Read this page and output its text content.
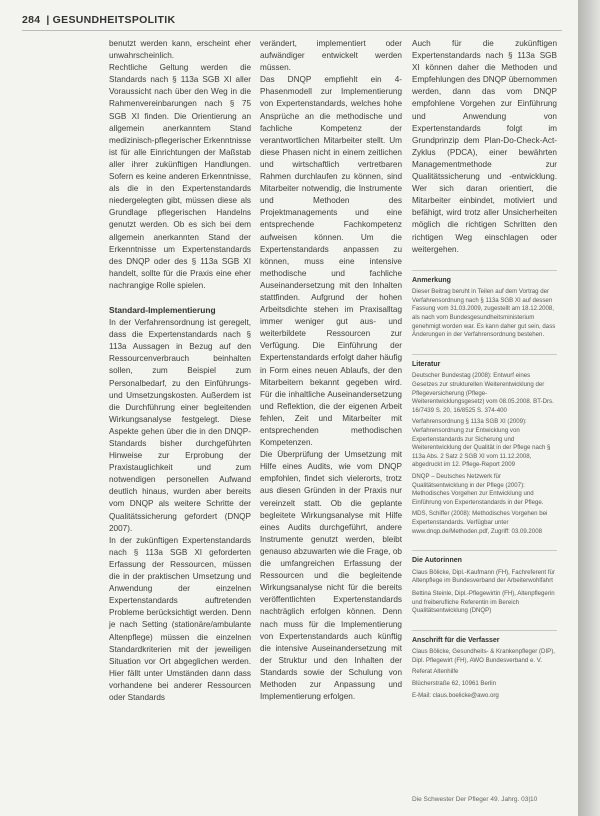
284 | GESUNDHEITSPOLITIK

benutzt werden kann, erscheint eher unwahrscheinlich.

Rechtliche Geltung werden die Standards nach § 113a SGB XI aller Voraussicht nach über den Weg in die Rahmenvereinbarungen nach § 75 SGB XI finden. Die Orientierung an allgemein anerkanntem Stand medizinisch-pflegerischer Erkenntnisse ist für alle Einrichtungen der Maßstab aller ihrer zukünftigen Handlungen. Sofern es keine anderen Erkenntnisse, als die in den Expertenstandards niedergelegten gibt, müssen diese als Grundlage pflegerischen Handelns genutzt werden. Ob es sich bei dem allgemein anerkannten Stand der Erkenntnisse um Expertenstandards des DNQP oder des § 113a SGB XI handelt, sollte für die Praxis eine eher nachrangige Rolle spielen.

Standard-Implementierung

In der Verfahrensordnung ist geregelt, dass die Expertenstandards nach § 113a Aussagen in Bezug auf den Ressourcenverbrauch beinhalten sollen, zum Beispiel zum Personalbedarf, zu den Einführungs- und Umsetzungskosten. Außerdem ist die Durchführung einer begleitenden Wirkungsanalyse festgelegt. Diese Aspekte gehen über die in den DNQP-Standards bisher durchgeführten Hinweise zur Erprobung der Praxistauglichkeit und zum notwendigen personellen Aufwand deutlich hinaus, wurden aber bereits vom DNQP als weitere Schritte der Qualitätssicherung gefordert (DNQP 2007).

In der zukünftigen Expertenstandards nach § 113a SGB XI geforderten Erfassung der Ressourcen, müssen die in der praktischen Umsetzung und Anwendung der einzelnen Expertenstandards auftretenden Probleme berücksichtigt werden. Denn je nach Setting (stationäre/ambulante Altenpflege) müssen die einzelnen Standardkriterien mit der jeweiligen Situation vor Ort abgeglichen werden. Hier fällt unter Umständen dann dass vorhandene bei anderer Ressourcen oder Standards

verändert, implementiert oder aufwändiger entwickelt werden müssen.

Das DNQP empfiehlt ein 4-Phasenmodell zur Implementierung von Expertenstandards, welches hohe Ansprüche an die methodische und fachliche Kompetenz der verantwortlichen Mitarbeiter stellt. Um diese Phasen nicht in einem zeitlichen und wirtschaftlich vertretbaren Rahmen durchlaufen zu können, sind Mitarbeiter notwendig, die Instrumente und Methoden des Projektmanagements und eine entsprechende Fachkompetenz aufweisen können. Um die Expertenstandards anpassen zu können, muss eine intensive methodische und fachliche Auseinandersetzung mit den Inhalten stattfinden. Aufgrund der hohen Arbeitsdichte stehen im Praxisalltag immer weniger gut aus- und weiterbildete Ressourcen zur Verfügung. Die Einführung der Expertenstandards erfolgt daher häufig in Form eines neuen Ablaufs, der den Mitarbeitern bekannt gegeben wird. Für die inhaltliche Auseinandersetzung und Reflektion, die der eigenen Arbeit fehlen, Zeit und Mitarbeiter mit entsprechenden methodischen Kompetenzen.

Die Überprüfung der Umsetzung mit Hilfe eines Audits, wie vom DNQP empfohlen, findet sich vielerorts, trotz aus diesen Gründen in der Praxis nur vereinzelt statt. Ob die geplante begleitete Wirkungsanalyse mit Hilfe eines Audits durchgeführt, andere Instrumente genutzt werden, bleibt genauso abzuwarten wie die Frage, ob die umfangreichen Erfassung der Ressourcen und die begleitende Wirkungsanalyse nicht für die bereits veröffentlichten Expertenstandards nachträglich erfolgen können. Denn nach muss für die Implementierung von Expertenstandards auch künftig die intensive Auseinandersetzung mit der Struktur und den Inhalten der Standards sowie der Schulung von Methoden zur Anpassung und Implementierung erfolgen.

Auch für die zukünftigen Expertenstandards nach § 113a SGB XI können daher die Methoden und Empfehlungen des DNQP übernommen werden, dann das vom DNQP empfohlene Vorgehen zur Einführung und Anwendung von Expertenstandards folgt im Grundprinzip dem Plan-Do-Check-Act-Zyklus (PDCA), einer bewährten Managementmethode zur Qualitätssicherung und -entwicklung. Wer sich daran orientiert, die Mitarbeiter einbindet, motiviert und befähigt, wird trotz aller Unsicherheiten möglich die richtigen Schritten den richtigen Weg einschlagen oder weitergehen.

Anmerkung

Dieser Beitrag beruht in Teilen auf dem Vortrag der Verfahrensordnung nach § 113a SGB XI auf dessen Fassung vom 31.03.2009, zugestellt am 18.12.2008, als nach vom Bundesgesundheitsministerium genehmigt worden war. Es kann daher gut sein, dass Änderungen in der Verfahrensordnung bestehen.

Literatur

Deutscher Bundestag (2008): Entwurf eines Gesetzes zur strukturellen Weiterentwicklung der Pflegeversicherung (Pflege-Weiterentwicklungsgesetz) vom 08.05.2008. BT-Drs. 16/7439 S. 20, 16/8525 S. 374-400

Verfahrensordnung § 113a SGB XI (2009): Verfahrensordnung zur Entwicklung von Expertenstandards zur Sicherung und Weiterentwicklung der Qualität in der Pflege nach § 113a Abs. 2 Satz 2 SGB XI vom 11.12.2008, abgedruckt im 12. Pflege-Report 2009

DNQP – Deutsches Netzwerk für Qualitätsentwicklung in der Pflege (2007): Methodisches Vorgehen zur Entwicklung und Einführung von Expertenstandards in der Pflege.

MDS, Schiffer (2008): Methodisches Vorgehen bei Expertenstandards. Verfügbar unter www.dnqp.de/Methoden.pdf, Zugriff: 03.09.2008

Die Autorinnen

Claus Bölicke, Dipl.-Kaufmann (FH), Fachreferent für Altenpflege im Bundesverband der Arbeiterwohlfahrt

Bettina Steinle, Dipl.-Pflegewirtin (FH), Altenpflegerin und freiberufliche Referentin im Bereich Qualitätsentwicklung (DNQP)

Anschrift für die Verfasser

Claus Bölicke, Gesundheits- & Krankenpfleger (DIP), Dipl. Pflegewirt (FH), AWO Bundesverband e. V.

Referat Altenhilfe

Blücherstraße 62, 10961 Berlin

E-Mail: claus.boelicke@awo.org

Die Schwester Der Pfleger 49. Jahrg. 03|10
